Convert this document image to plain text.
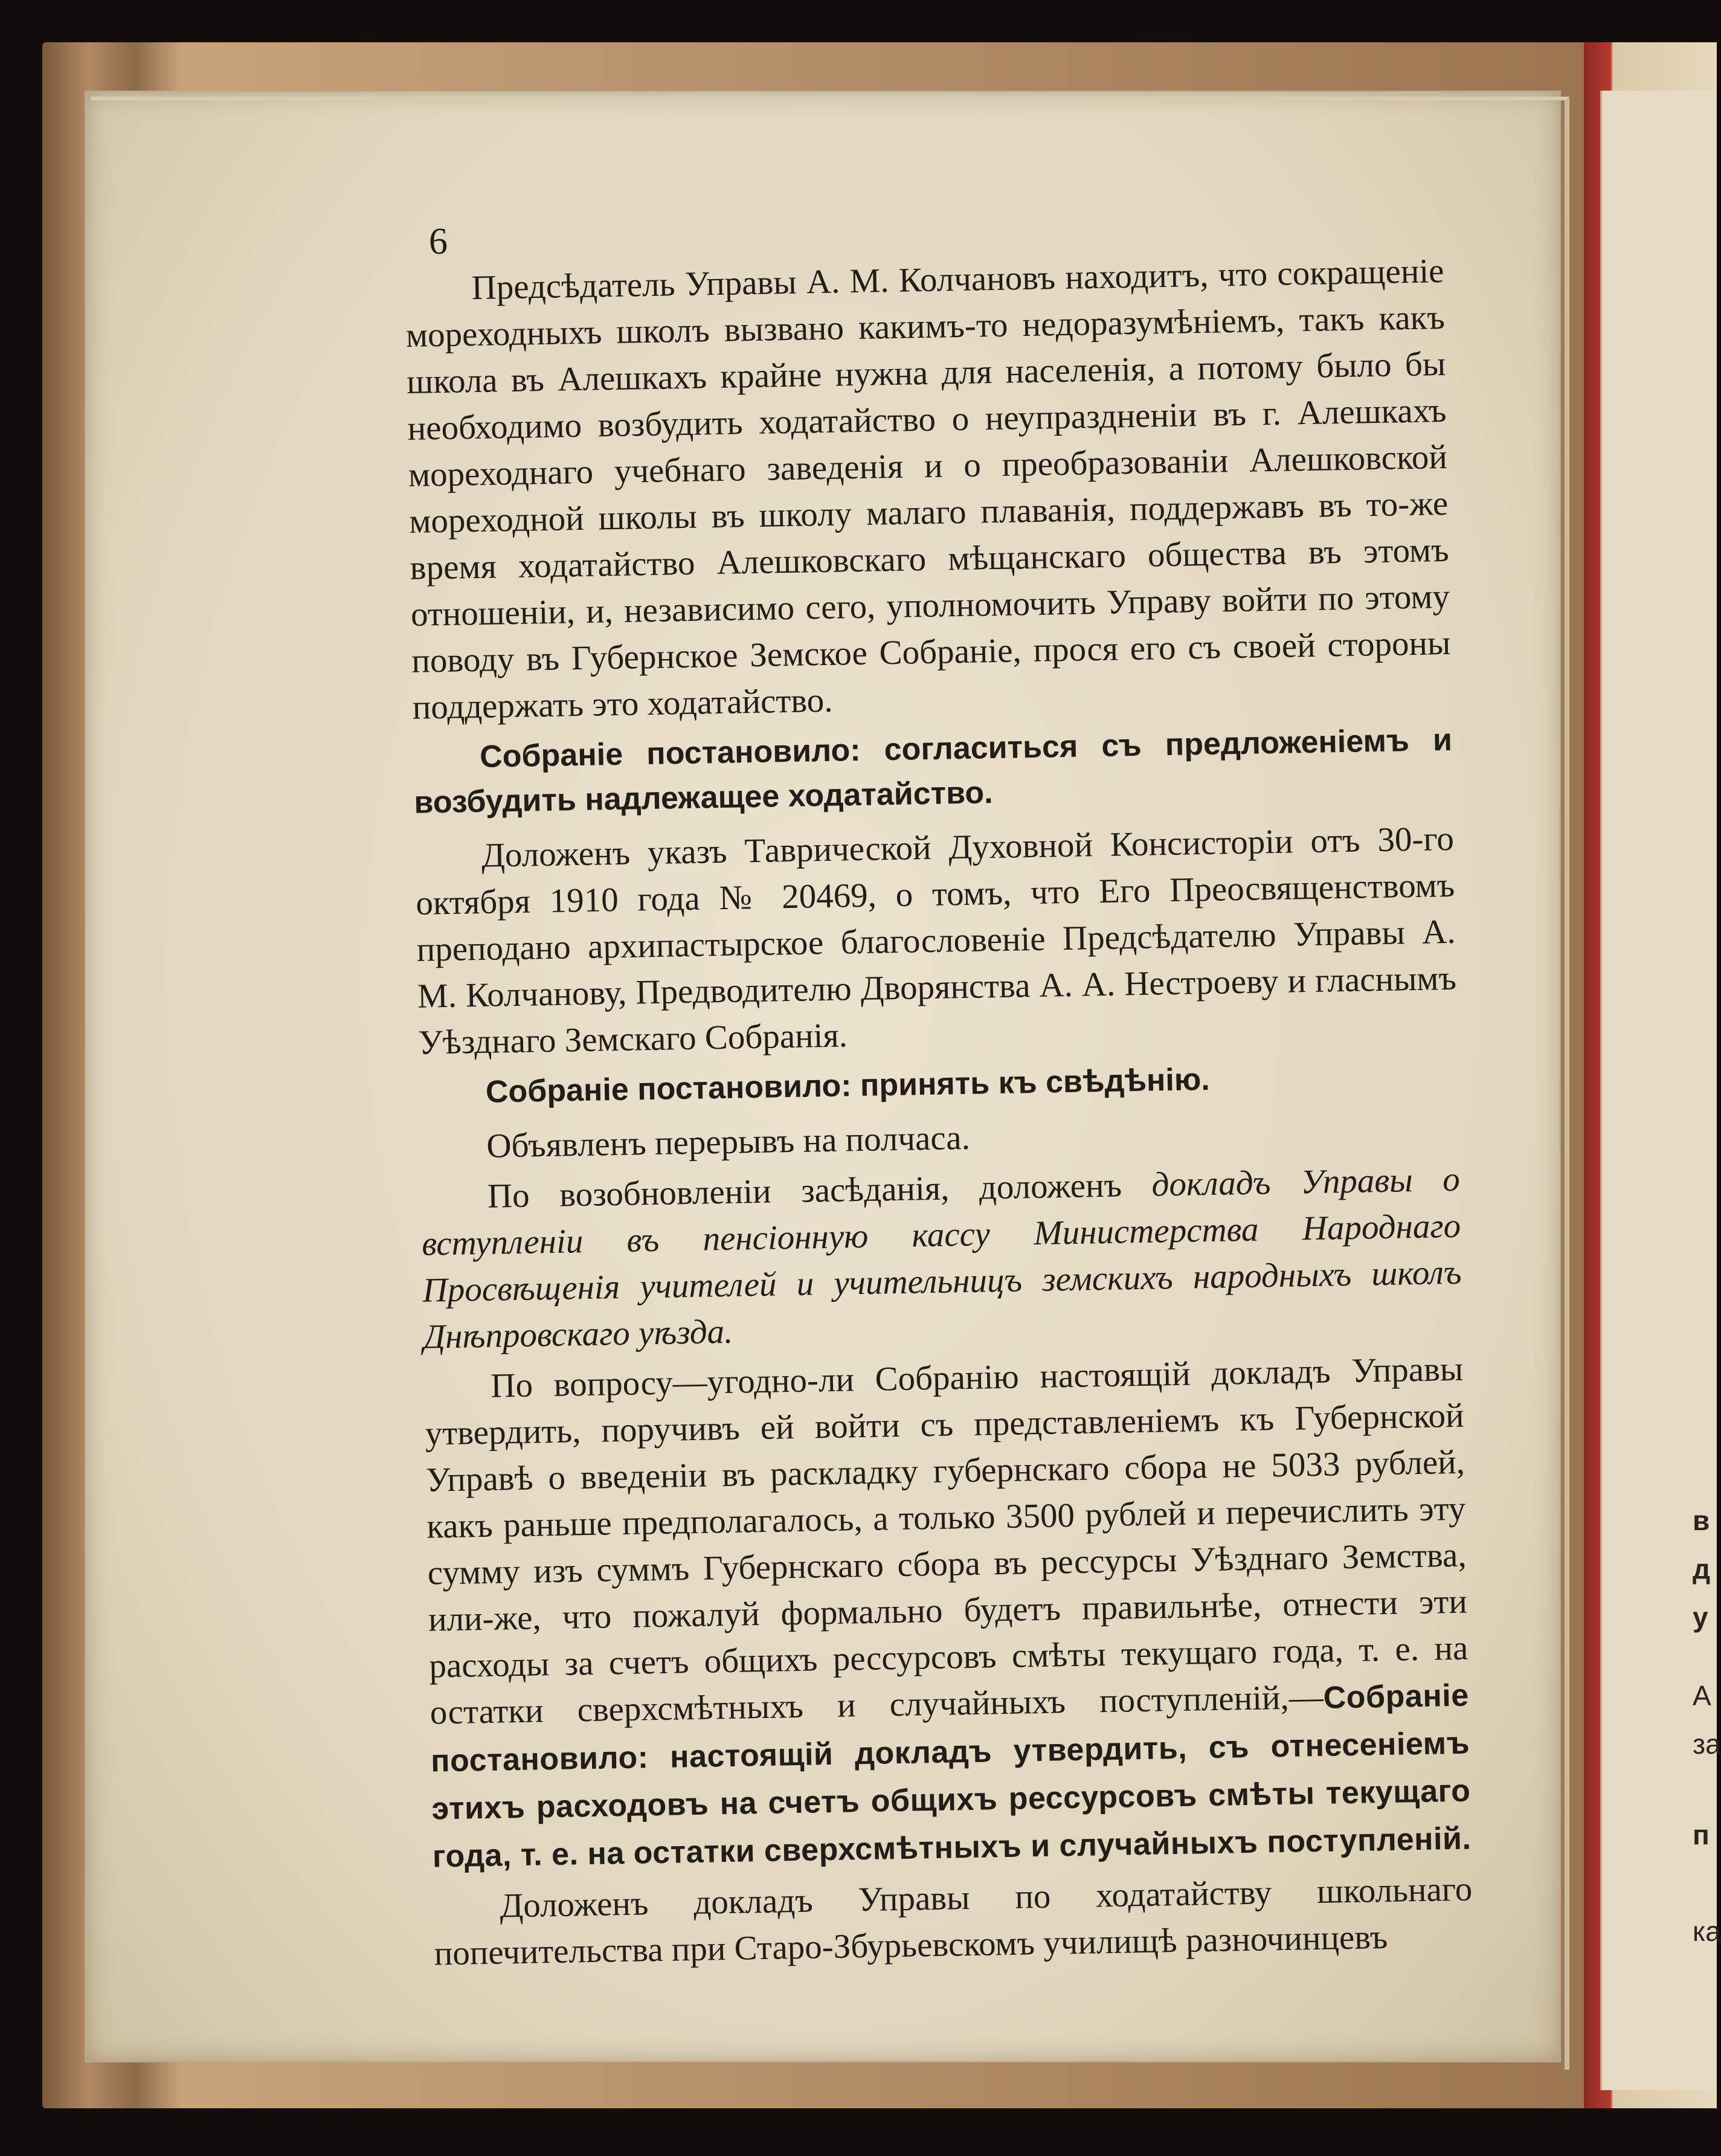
в
д
у
А
за
п
ка
6

Предсѣдатель Управы А. М. Колчановъ находитъ, что сокращеніе мореходныхъ школъ вызвано какимъ-то недоразумѣніемъ, такъ какъ школа въ Алешкахъ крайне нужна для населенія, а потому было бы необходимо возбудить ходатайство о неупраздненіи въ г. Алешкахъ мореходнаго учебнаго заведенія и о преобразованіи Алешковской мореходной школы въ школу малаго плаванія, поддержавъ въ то-же время ходатайство Алешковскаго мѣщанскаго общества въ этомъ отношеніи, и, независимо сего, уполномочить Управу войти по этому поводу въ Губернское Земское Собраніе, прося его съ своей стороны поддержать это ходатайство.

Собраніе постановило: согласиться съ предложеніемъ и возбудить надлежащее ходатайство.

Доложенъ указъ Таврической Духовной Консисторіи отъ 30-го октября 1910 года № 20469, о томъ, что Его Преосвященствомъ преподано архипастырское благословеніе Предсѣдателю Управы А. М. Колчанову, Предводителю Дворянства А. А. Нестроеву и гласнымъ Уѣзднаго Земскаго Собранія.

Собраніе постановило: принять къ свѣдѣнію.

Объявленъ перерывъ на полчаса.

По возобновленіи засѣданія, доложенъ докладъ Управы о вступленіи въ пенсіонную кассу Министерства Народнаго Просвѣщенія учителей и учительницъ земскихъ народныхъ школъ Днѣпровскаго уѣзда.

По вопросу—угодно-ли Собранію настоящій докладъ Управы утвердить, поручивъ ей войти съ представленіемъ къ Губернской Управѣ о введеніи въ раскладку губернскаго сбора не 5033 рублей, какъ раньше предполагалось, а только 3500 рублей и перечислить эту сумму изъ суммъ Губернскаго сбора въ рессурсы Уѣзднаго Земства, или-же, что пожалуй формально будетъ правильнѣе, отнести эти расходы за счетъ общихъ рессурсовъ смѣты текущаго года, т. е. на остатки сверхсмѣтныхъ и случайныхъ поступленій,—Собраніе постановило: настоящій докладъ утвердить, съ отнесеніемъ этихъ расходовъ на счетъ общихъ рессурсовъ смѣты текущаго года, т. е. на остатки сверхсмѣтныхъ и случайныхъ поступленій.

Доложенъ докладъ Управы по ходатайству школьнаго попечительства при Старо-Збурьевскомъ училищѣ разночинцевъ
